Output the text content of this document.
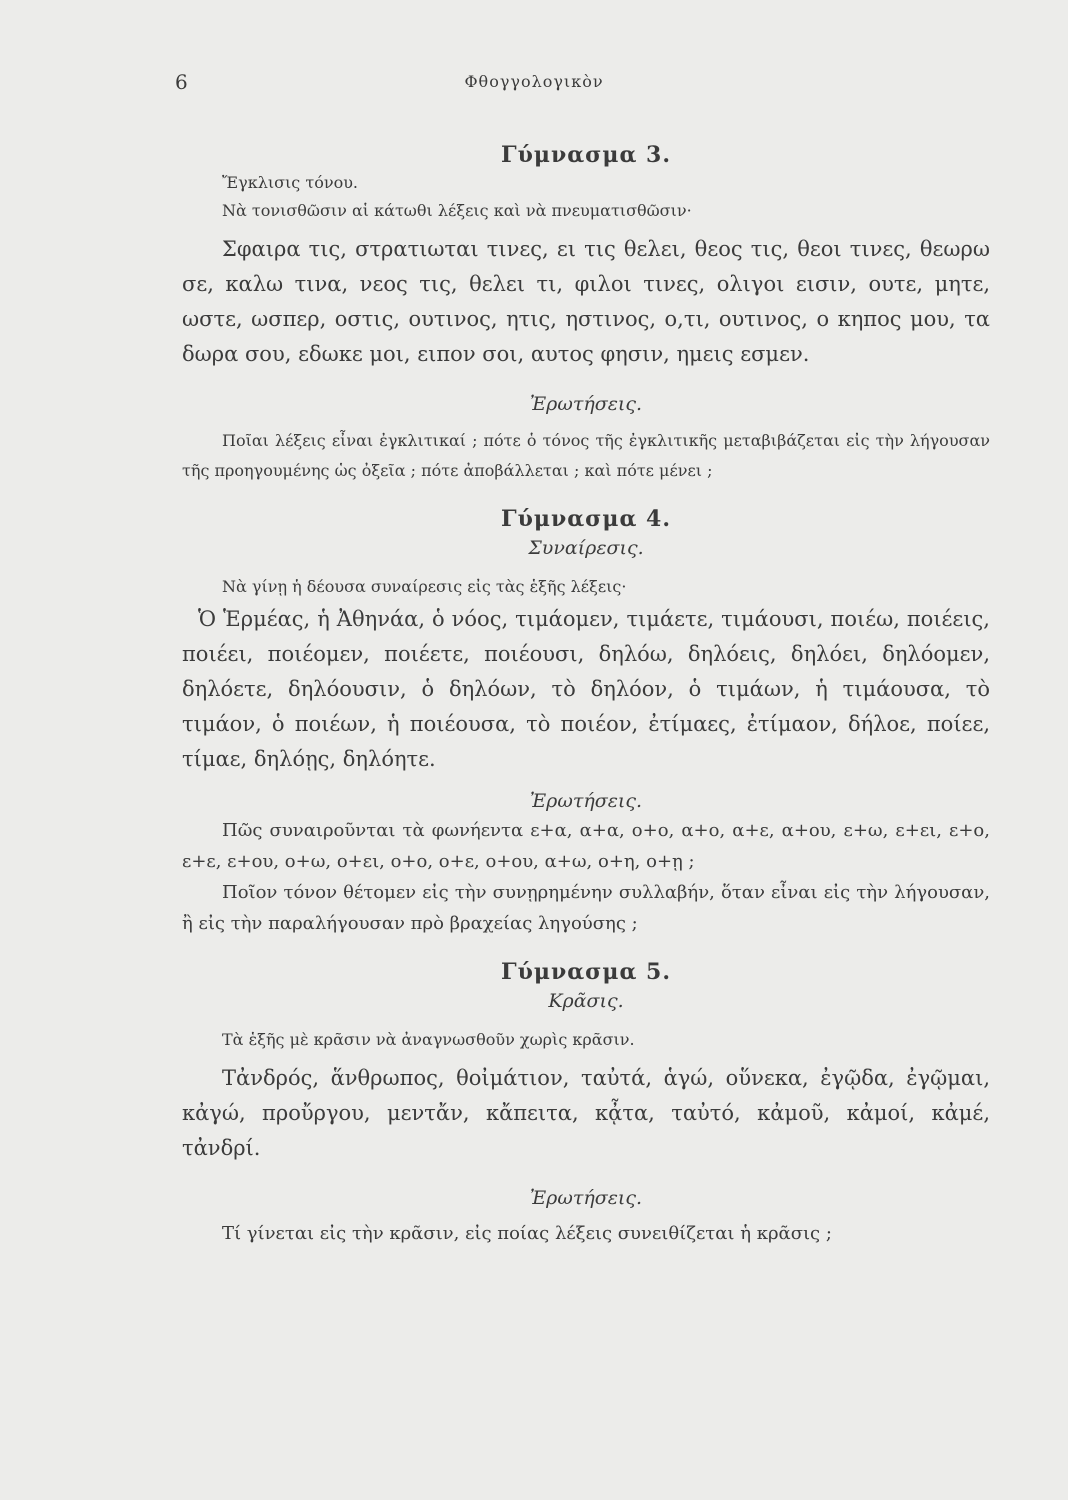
6	Φθογγολογικὸν
Γύμνασμα 3.

Ἔγκλισις τόνου.

Νὰ τονισθῶσιν αἱ κάτωθι λέξεις καὶ νὰ πνευματισθῶσιν·

Σφαιρα τις, στρατιωται τινες, ει τις θελει, θεος τις, θεοι τινες, θεωρω σε, καλω τινα, νεος τις, θελει τι, φιλοι τινες, ολιγοι εισιν, ουτε, μητε, ωστε, ωσπερ, οστις, ουτινος, ητις, ηστινος, ο,τι, ουτινος, ο κηπος μου, τα δωρα σου, εδωκε μοι, ειπον σοι, αυτος φησιν, ημεις εσμεν.

Ἐρωτήσεις.

Ποῖαι λέξεις εἶναι ἐγκλιτικαί ; πότε ὁ τόνος τῆς ἐγκλιτικῆς μεταβιβάζεται εἰς τὴν λήγουσαν τῆς προηγουμένης ὡς ὀξεῖα ; πότε ἀποβάλλεται ; καὶ πότε μένει ;

Γύμνασμα 4.

Συναίρεσις.

Νὰ γίνῃ ἡ δέουσα συναίρεσις εἰς τὰς ἑξῆς λέξεις·

Ὁ Ἑρμέας, ἡ Ἀθηνάα, ὁ νόος, τιμάομεν, τιμάετε, τιμάουσι, ποιέω, ποιέεις, ποιέει, ποιέομεν, ποιέετε, ποιέουσι, δηλόω, δηλόεις, δηλόει, δηλόομεν, δηλόετε, δηλόουσιν, ὁ δηλόων, τὸ δηλόον, ὁ τιμάων, ἡ τιμάουσα, τὸ τιμάον, ὁ ποιέων, ἡ ποιέουσα, τὸ ποιέον, ἐτίμαες, ἐτίμαον, δήλοε, ποίεε, τίμαε, δηλόῃς, δηλόητε.

Ἐρωτήσεις.

Πῶς συναιροῦνται τὰ φωνήεντα ε+α, α+α, ο+ο, α+ο, α+ε, α+ου, ε+ω, ε+ει, ε+ο, ε+ε, ε+ου, ο+ω, ο+ει, ο+ο, ο+ε, ο+ου, α+ω, ο+η, ο+ῃ ;

Ποῖον τόνον θέτομεν εἰς τὴν συνῃρημένην συλλαβήν, ὅταν εἶναι εἰς τὴν λήγουσαν, ἢ εἰς τὴν παραλήγουσαν πρὸ βραχείας ληγούσης ;

Γύμνασμα 5.

Κρᾶσις.

Τὰ ἑξῆς μὲ κρᾶσιν νὰ ἀναγνωσθοῦν χωρὶς κρᾶσιν.

Τἀνδρός, ἅνθρωπος, θοἰμάτιον, ταὐτά, ἁγώ, οὕνεκα, ἐγῷδα, ἐγῷμαι, κἀγώ, προὔργου, μεντἄν, κἄπειτα, κᾆτα, ταὐτό, κἀμοῦ, κἀμοί, κἀμέ, τἀνδρί.

Ἐρωτήσεις.

Τί γίνεται εἰς τὴν κρᾶσιν, εἰς ποίας λέξεις συνειθίζεται ἡ κρᾶσις ;
